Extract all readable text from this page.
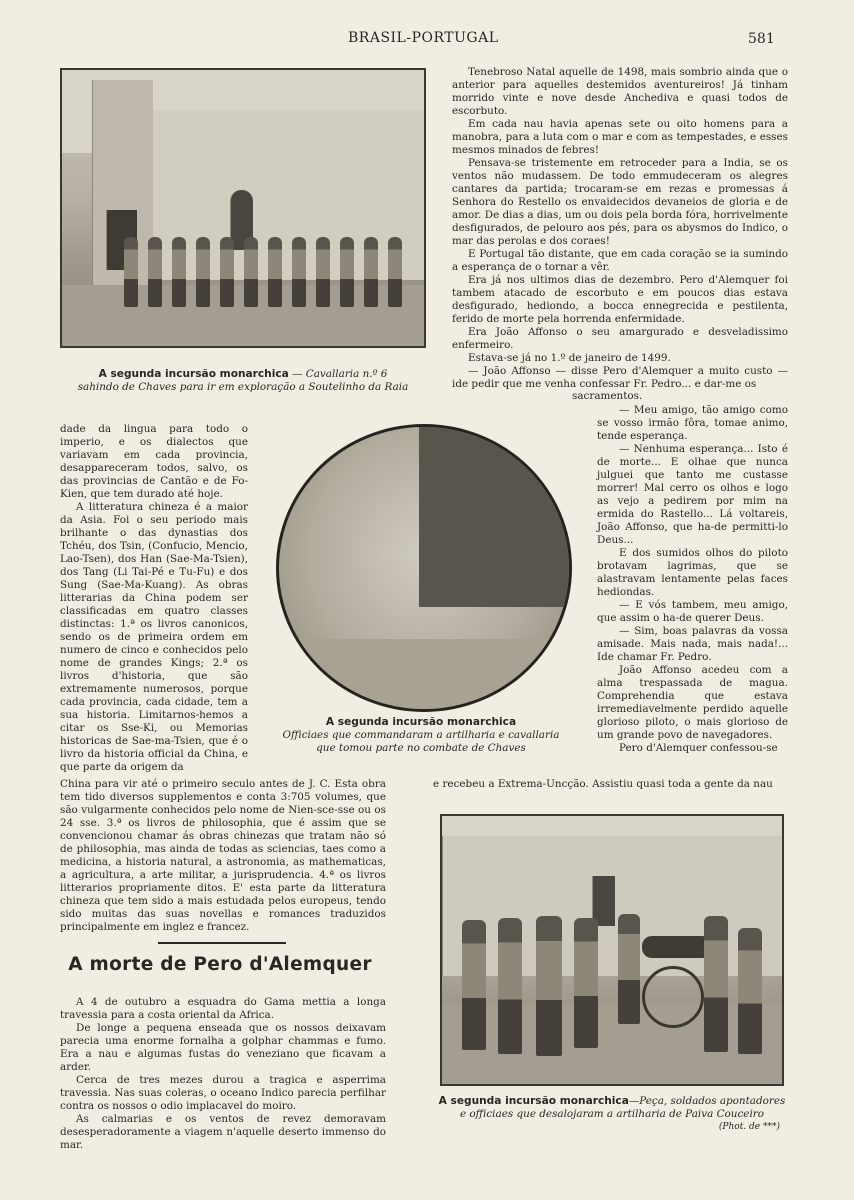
BRASIL-PORTUGAL	581
A segunda incursão monarchica — Cavallaria n.º 6
sahindo de Chaves para ir em exploração a Soutelinho da Raia

dade da lingua para todo o imperio, e os dialectos que variavam em cada provincia, desappareceram todos, salvo, os das provincias de Cantão e de Fo-Kien, que tem durado até hoje.

A litteratura chineza é a maior da Asia. Foi o seu periodo mais brilhante o das dynastias dos Tchéu, dos Tsin, (Confucio, Mencio, Lao-Tsen), dos Han (Sae-Ma-Tsien), dos Tang (Li Tai-Pé e Tu-Fu) e dos Sung (Sae-Ma-Kuang). As obras litterarias da China podem ser classificadas em quatro classes distinctas: 1.ª os livros canonicos, sendo os de primeira ordem em numero de cinco e conhecidos pelo nome de grandes Kings; 2.ª os livros d'historia, que são extremamente numerosos, porque cada provincia, cada cidade, tem a sua historia. Limitarnos-hemos a citar os Sse-Ki, ou Memorias historicas de Sae-ma-Tsien, que é o livro da historia official da China, e que parte da origem da

A segunda incursão monarchica
Officiaes que commandaram a artilharia e cavallaria
que tomou parte no combate de Chaves

China para vir até o primeiro seculo antes de J. C. Esta obra tem tido diversos supplementos e conta 3:705 volumes, que são vulgarmente conhecidos pelo nome de Nien-sce-sse ou os 24 sse. 3.ª os livros de philosophia, que é assim que se convencionou chamar ás obras chinezas que tratam não só de philosophia, mas ainda de todas as sciencias, taes como a medicina, a historia natural, a astronomia, as mathematicas, a agricultura, a arte militar, a jurisprudencia. 4.ª os livros litterarios propriamente ditos. E' esta parte da litteratura chineza que tem sido a mais estudada pelos europeus, tendo sido muitas das suas novellas e romances traduzidos principalmente em inglez e francez.

A morte de Pero d'Alemquer

A 4 de outubro a esquadra do Gama mettia a longa travessia para a costa oriental da Africa.

De longe a pequena enseada que os nossos deixavam parecia uma enorme fornalha a golphar chammas e fumo. Era a nau e algumas fustas do veneziano que ficavam a arder.

Cerca de tres mezes durou a tragica e asperrima travessia. Nas suas coleras, o oceano Indico parecia perfilhar contra os nossos o odio implacavel do moiro.

As calmarias e os ventos de revez demoravam desesperadoramente a viagem n'aquelle deserto immenso do mar.

Tenebroso Natal aquelle de 1498, mais sombrio ainda que o anterior para aquelles destemidos aventureiros! Já tinham morrido vinte e nove desde Anchediva e quasi todos de escorbuto.

Em cada nau havia apenas sete ou oito homens para a manobra, para a luta com o mar e com as tempestades, e esses mesmos minados de febres!

Pensava-se tristemente em retroceder para a India, se os ventos não mudassem. De todo emmudeceram os alegres cantares da partida; trocaram-se em rezas e promessas á Senhora do Restello os envaidecidos devaneios de gloria e de amor. De dias a dias, um ou dois pela borda fóra, horrivelmente desfigurados, de pelouro aos pés, para os abysmos do Indico, o mar das perolas e dos coraes!

E Portugal tão distante, que em cada coração se ia sumindo a esperança de o tornar a vêr.

Era já nos ultimos dias de dezembro. Pero d'Alemquer foi tambem atacado de escorbuto e em poucos dias estava desfigurado, hediondo, a bocca ennegrecida e pestilenta, ferido de morte pela horrenda enfermidade.

Era João Affonso o seu amargurado e desveladissimo enfermeiro.

Estava-se já no 1.º de janeiro de 1499.

— João Affonso — disse Pero d'Alemquer a muito custo — ide pedir que me venha confessar Fr. Pedro... e dar-me os

sacramentos.

— Meu amigo, tão amigo como se vosso irmão fôra, tomae animo, tende esperança.

— Nenhuma esperança... Isto é de morte... E olhae que nunca julguei que tanto me custasse morrer! Mal cerro os olhos e logo as vejo a pedirem por mim na ermida do Rastello... Lá voltareis, João Affonso, que ha-de permitti-lo Deus...

E dos sumidos olhos do piloto brotavam lagrimas, que se alastravam lentamente pelas faces hediondas.

— E vós tambem, meu amigo, que assim o ha-de querer Deus.

— Sim, boas palavras da vossa amisade. Mais nada, mais nada!... Ide chamar Fr. Pedro.

João Affonso acedeu com a alma trespassada de magua. Comprehendia que estava irremediavelmente perdido aquelle glorioso piloto, o mais glorioso de um grande povo de navegadores.

Pero d'Alemquer confessou-se

e recebeu a Extrema-Uncção. Assistiu quasi toda a gente da nau
A segunda incursão monarchica—Peça, soldados apontadores
e officiaes que desalojaram a artilharia de Paiva Couceiro
(Phot. de ***)
